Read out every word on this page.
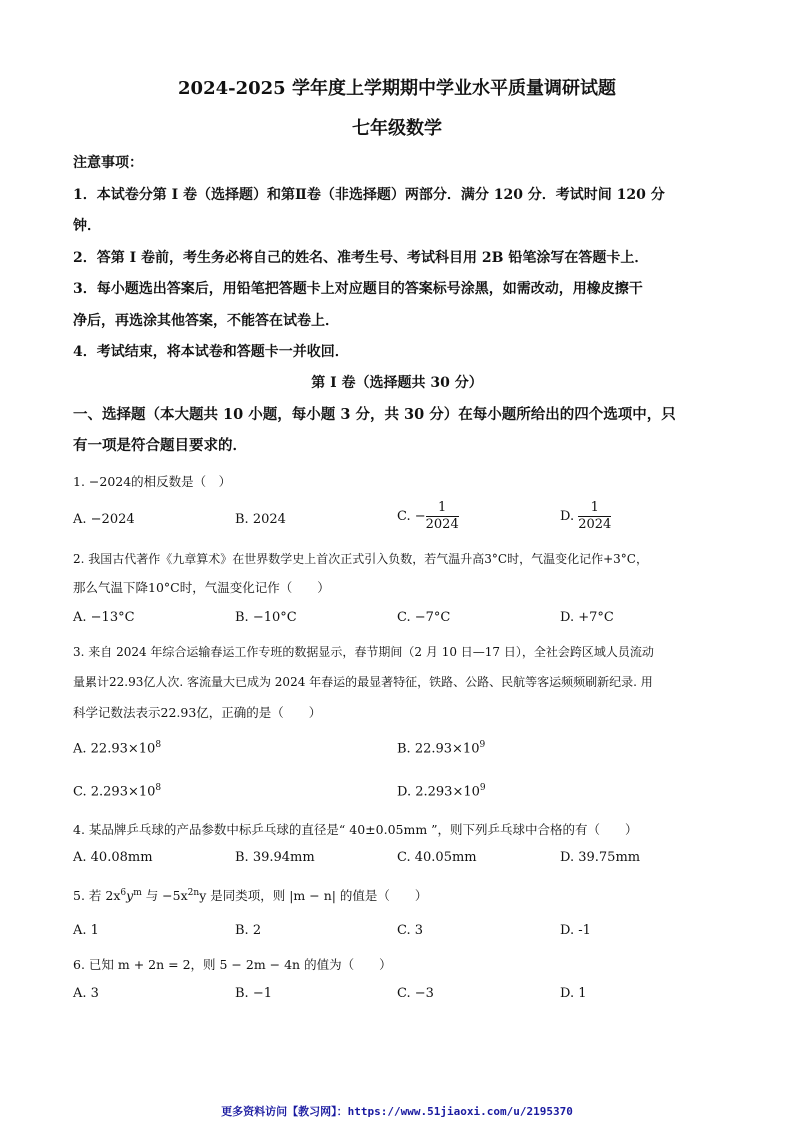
2024-2025 学年度上学期期中学业水平质量调研试题
七年级数学
注意事项：
1．本试卷分第 I 卷（选择题）和第Ⅱ卷（非选择题）两部分．满分 120 分．考试时间 120 分
钟．
2．答第 I 卷前，考生务必将自己的姓名、准考生号、考试科目用 2B 铅笔涂写在答题卡上．
3．每小题选出答案后，用铅笔把答题卡上对应题目的答案标号涂黑，如需改动，用橡皮擦干
净后，再选涂其他答案，不能答在试卷上．
4．考试结束，将本试卷和答题卡一并收回．
第 I 卷（选择题共 30 分）
一、选择题（本大题共 10 小题，每小题 3 分，共 30 分）在每小题所给出的四个选项中，只
有一项是符合题目要求的．
1. −2024的相反数是（　）
A. −2024	B. 2024	C. − $\frac{1}{2024}$	D. $\frac{1}{2024}$
2. 我国古代著作《九章算术》在世界数学史上首次正式引入负数，若气温升高3°C时，气温变化记作+3°C，
那么气温下降10°C时，气温变化记作（　　）
A. −13°C	B. −10°C	C. −7°C	D. +7°C
3. 来自 2024 年综合运输春运工作专班的数据显示，春节期间（2 月 10 日—17 日），全社会跨区域人员流动
量累计22.93亿人次. 客流量大已成为 2024 年春运的最显著特征，铁路、公路、民航等客运频频刷新纪录. 用
科学记数法表示22.93亿，正确的是（　　）
A. $22.93\times 10^8$	B. $22.93\times 10^9$
C. $2.293\times 10^8$	D. $2.293\times 10^9$
4. 某品牌乒乓球的产品参数中标乒乓球的直径是“ 40±0.05mm ”，则下列乒乓球中合格的有（　　）
A. 40.08mm	B. 39.94mm	C. 40.05mm	D. 39.75mm
5. 若 $2x^6y^m$ 与 $-5x^{2n}y$ 是同类项，则 |m − n| 的值是（　　）
A. 1	B. 2	C. 3	D. -1
6. 已知 m + 2n = 2，则 5 − 2m − 4n 的值为（　　）
A. 3	B. −1	C. −3	D. 1
更多资料访问【教习网】：https://www.51jiaoxi.com/u/2195370
